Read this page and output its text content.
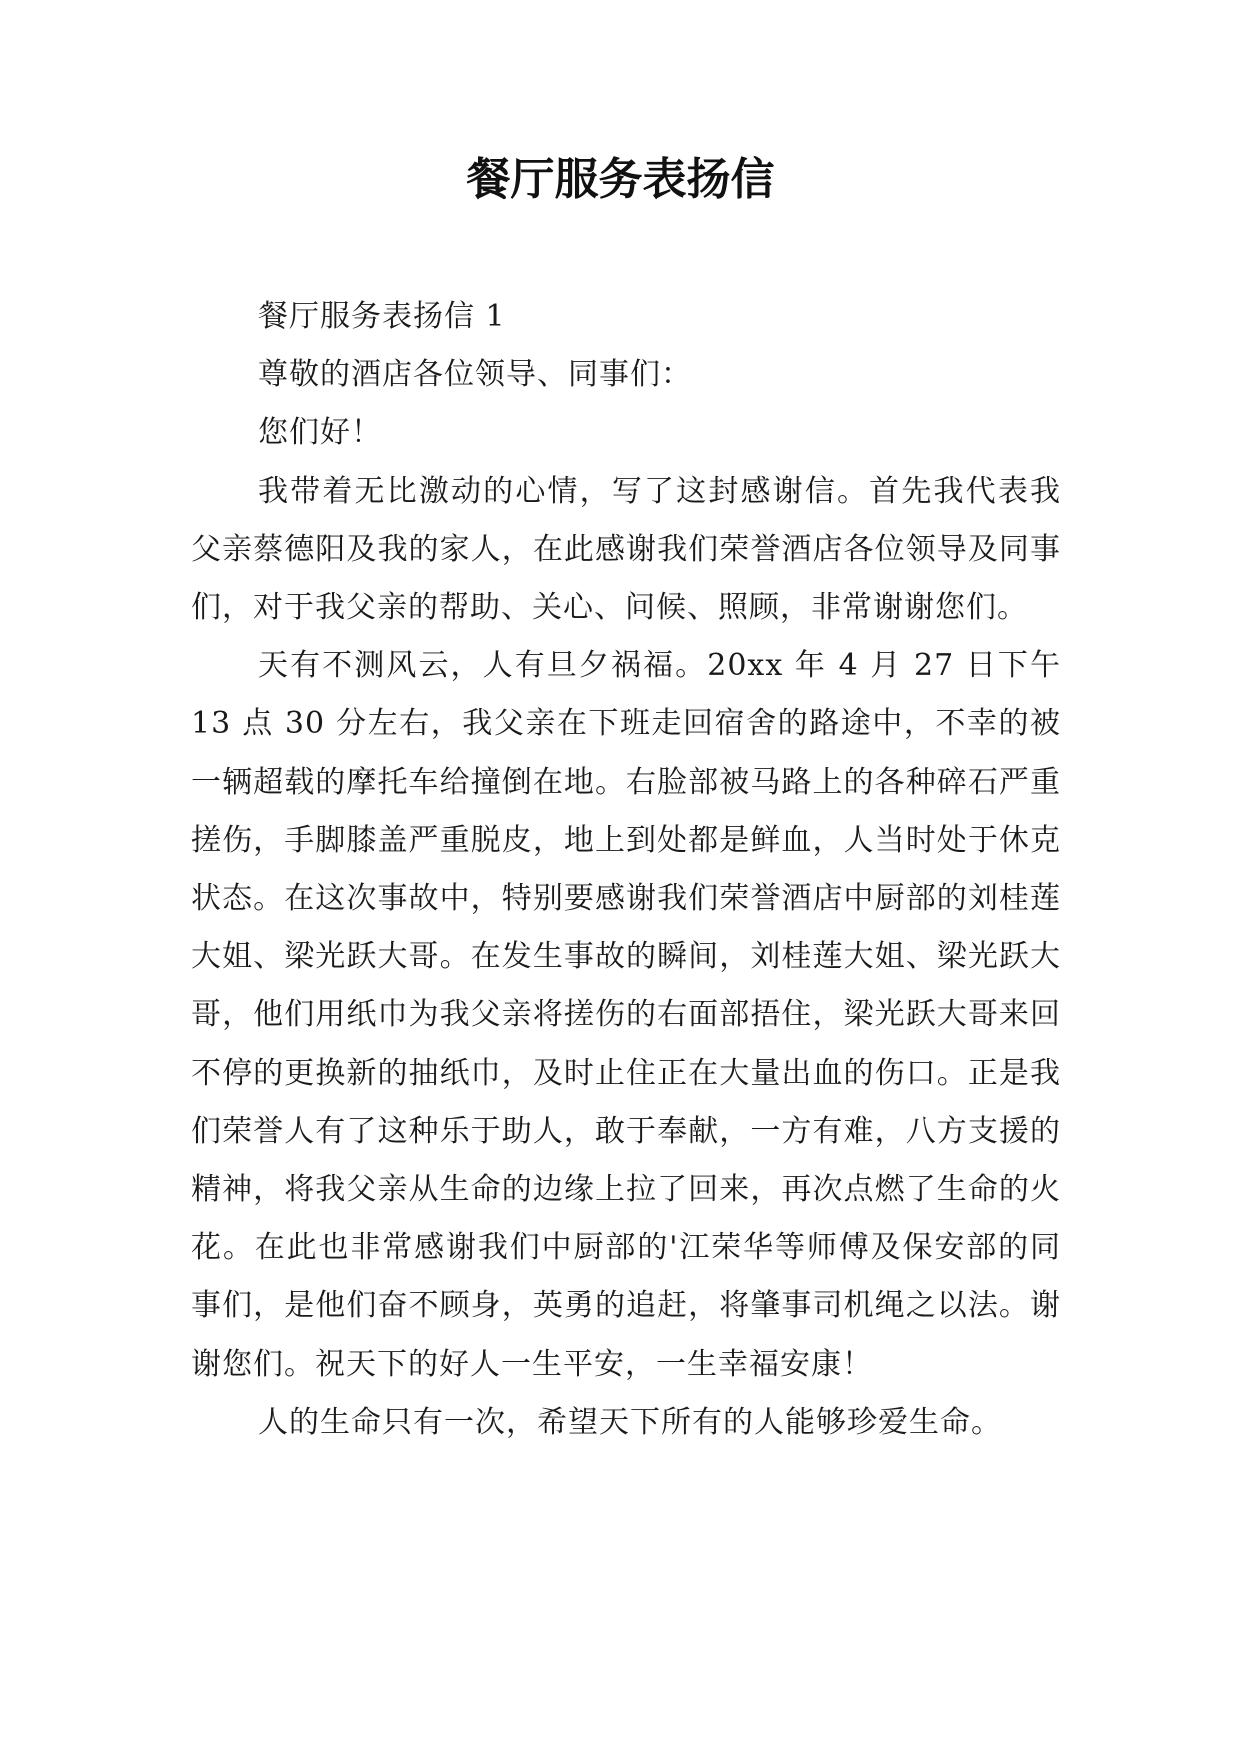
餐厅服务表扬信

餐厅服务表扬信 1

尊敬的酒店各位领导、同事们：

您们好！

我带着无比激动的心情，写了这封感谢信。首先我代表我父亲蔡德阳及我的家人，在此感谢我们荣誉酒店各位领导及同事们，对于我父亲的帮助、关心、问候、照顾，非常谢谢您们。

天有不测风云，人有旦夕祸福。20xx 年 4 月 27 日下午 13 点 30 分左右，我父亲在下班走回宿舍的路途中，不幸的被一辆超载的摩托车给撞倒在地。右脸部被马路上的各种碎石严重搓伤，手脚膝盖严重脱皮，地上到处都是鲜血，人当时处于休克状态。在这次事故中，特别要感谢我们荣誉酒店中厨部的刘桂莲大姐、梁光跃大哥。在发生事故的瞬间，刘桂莲大姐、梁光跃大哥，他们用纸巾为我父亲将搓伤的右面部捂住，梁光跃大哥来回不停的更换新的抽纸巾，及时止住正在大量出血的伤口。正是我们荣誉人有了这种乐于助人，敢于奉献，一方有难，八方支援的精神，将我父亲从生命的边缘上拉了回来，再次点燃了生命的火花。在此也非常感谢我们中厨部的'江荣华等师傅及保安部的同事们，是他们奋不顾身，英勇的追赶，将肇事司机绳之以法。谢谢您们。祝天下的好人一生平安，一生幸福安康！

人的生命只有一次，希望天下所有的人能够珍爱生命。
